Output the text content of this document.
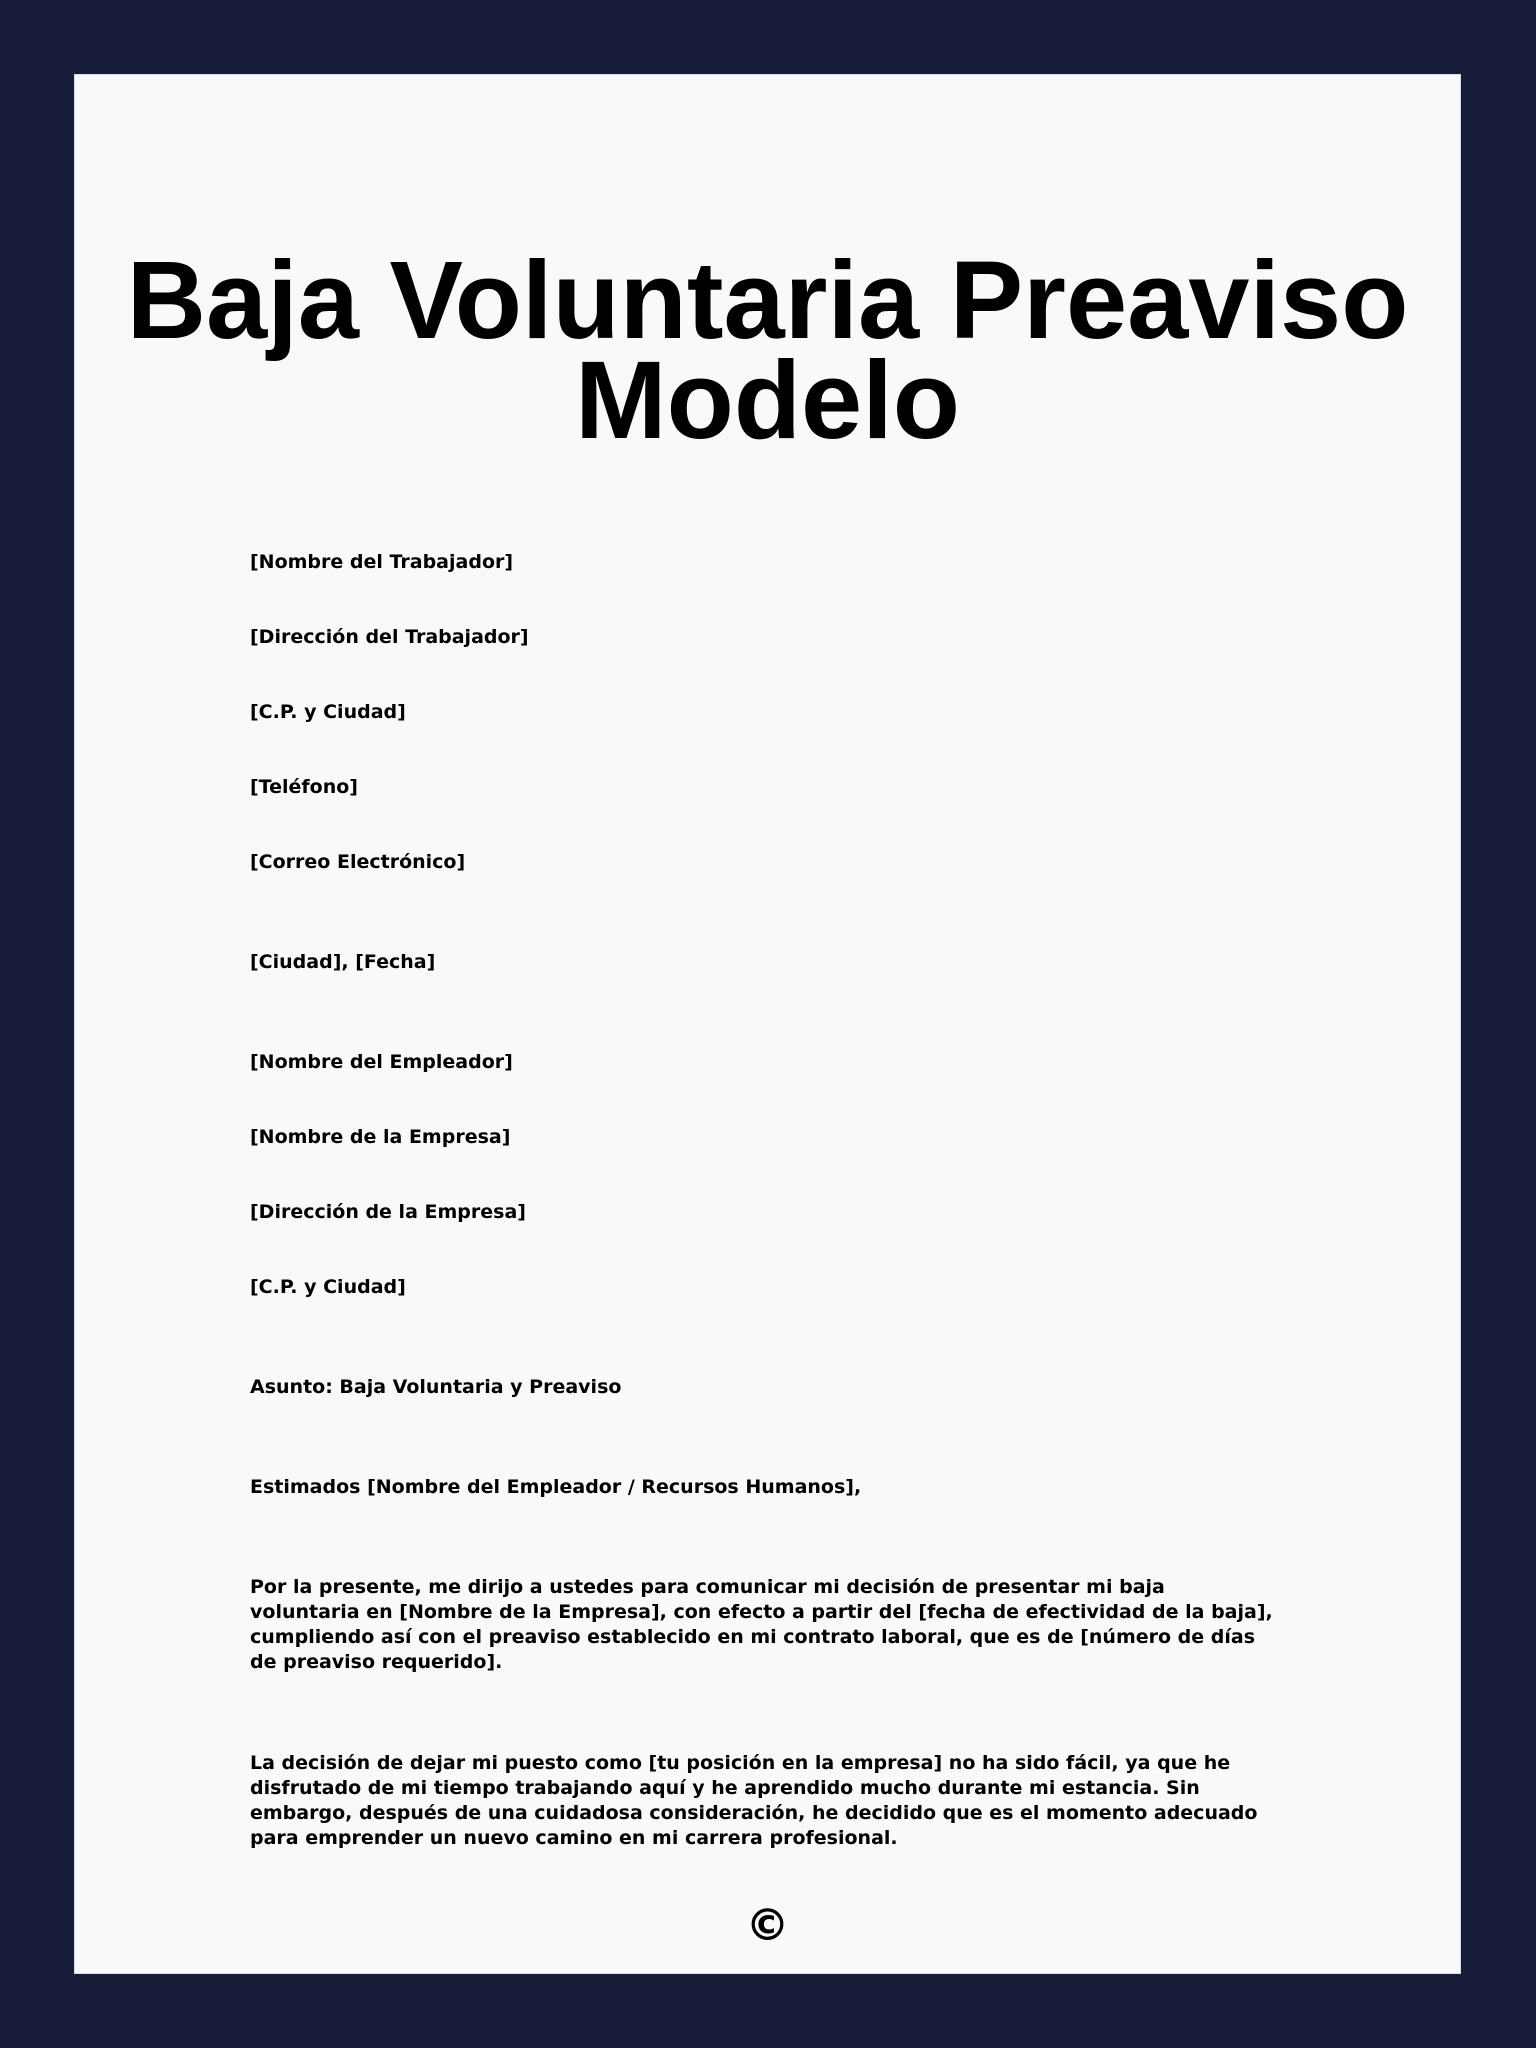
Baja Voluntaria Preaviso Modelo
[Nombre del Trabajador]
[Dirección del Trabajador]
[C.P. y Ciudad]
[Teléfono]
[Correo Electrónico]
[Ciudad], [Fecha]
[Nombre del Empleador]
[Nombre de la Empresa]
[Dirección de la Empresa]
[C.P. y Ciudad]
Asunto: Baja Voluntaria y Preaviso
Estimados [Nombre del Empleador / Recursos Humanos],
Por la presente, me dirijo a ustedes para comunicar mi decisión de presentar mi baja voluntaria en [Nombre de la Empresa], con efecto a partir del [fecha de efectividad de la baja], cumpliendo así con el preaviso establecido en mi contrato laboral, que es de [número de días de preaviso requerido].
La decisión de dejar mi puesto como [tu posición en la empresa] no ha sido fácil, ya que he disfrutado de mi tiempo trabajando aquí y he aprendido mucho durante mi estancia. Sin embargo, después de una cuidadosa consideración, he decidido que es el momento adecuado para emprender un nuevo camino en mi carrera profesional.
©
